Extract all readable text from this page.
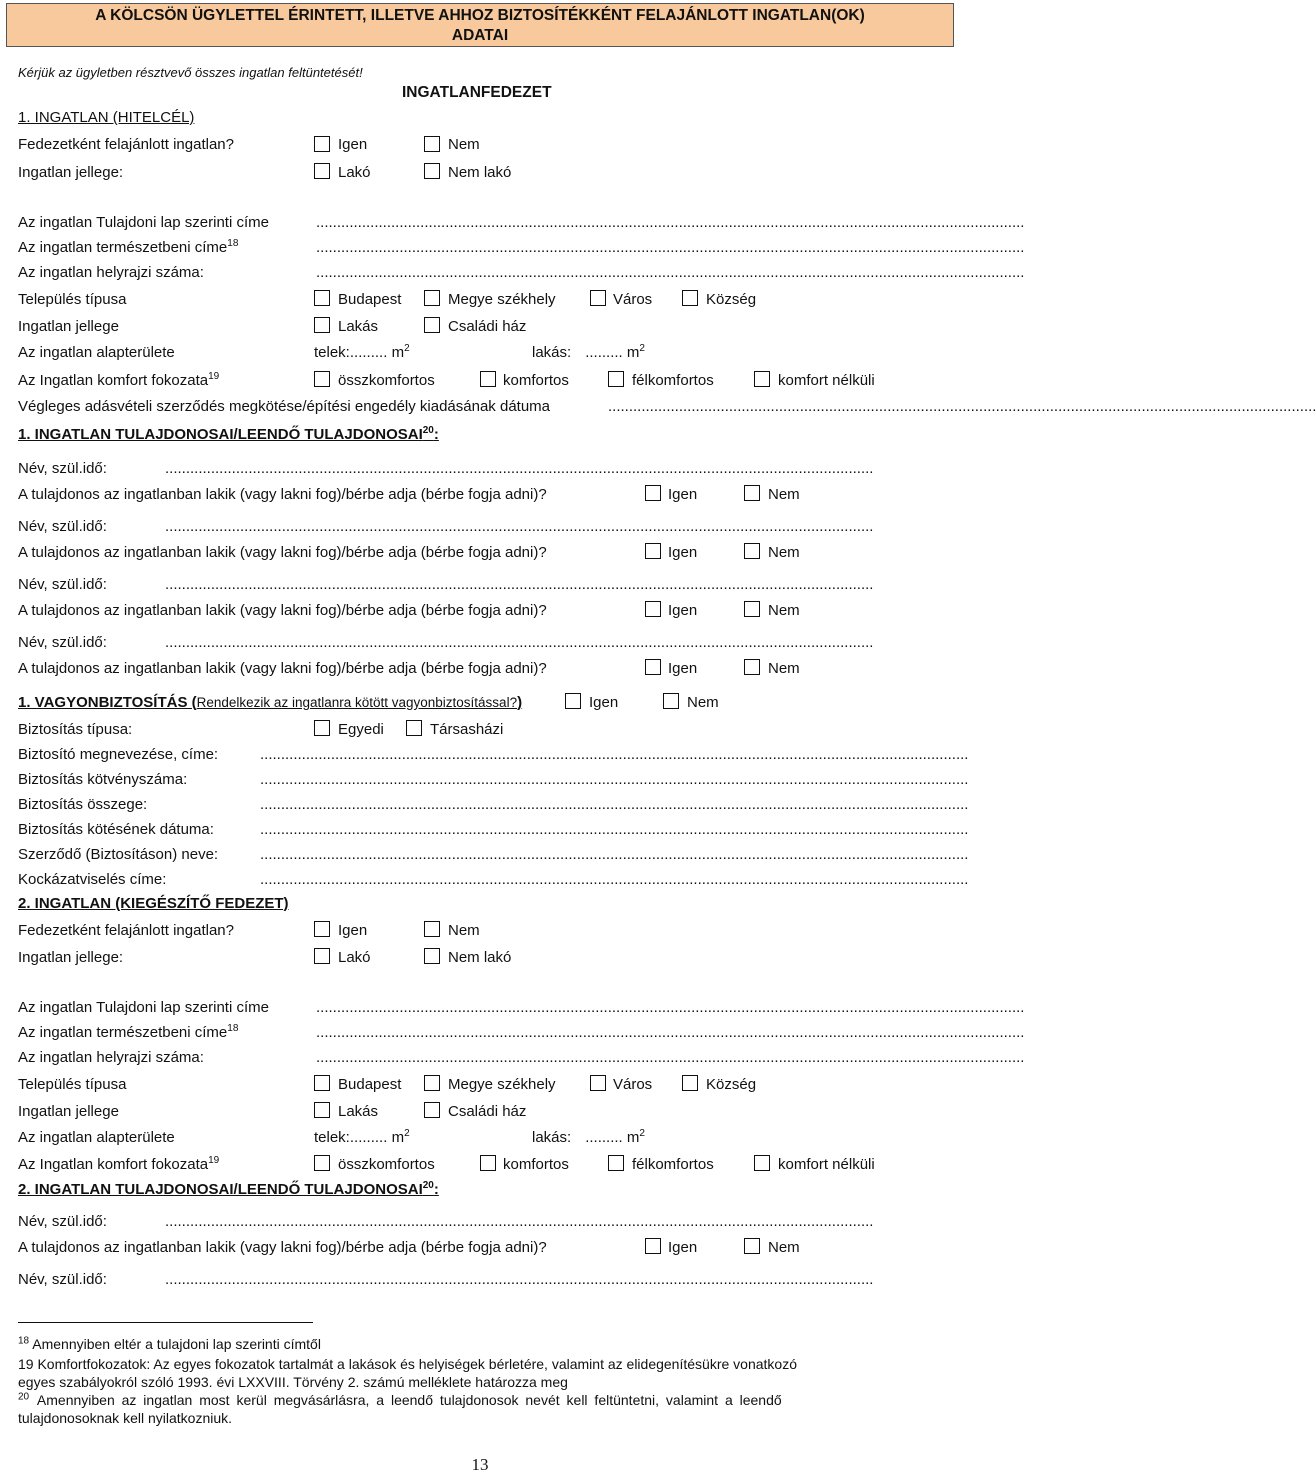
A KÖLCSÖN ÜGYLETTEL ÉRINTETT, ILLETVE AHHOZ BIZTOSÍTÉKKÉNT FELAJÁNLOTT INGATLAN(OK)
ADATAI
Kérjük az ügyletben résztvevő összes ingatlan feltüntetését!
INGATLANFEDEZET
1. INGATLAN (HITELCÉL)
Fedezetként felajánlott ingatlan?	Igen	Nem
Ingatlan jellege:	Lakó	Nem lakó
Az ingatlan Tulajdoni lap szerinti címe	..........................................................................................................................................................................
Az ingatlan természetbeni címe$^{18}$	..........................................................................................................................................................................
Az ingatlan helyrajzi száma:	..........................................................................................................................................................................
Település típusa	Budapest	Megye székhely	Város	Község
Ingatlan jellege	Lakás	Családi ház
Az ingatlan alapterülete	telek:......... $m^2$	lakás: ......... $m^2$
Az Ingatlan komfort fokozata$^{19}$	összkomfortos	komfortos	félkomfortos	komfort nélküli
Végleges adásvételi szerződés megkötése/építési engedély kiadásának dátuma	..........................................................................................................................................................................
1. INGATLAN TULAJDONOSAI/LEENDŐ TULAJDONOSAI$^{20}$:
Név, szül.idő:	..........................................................................................................................................................................
A tulajdonos az ingatlanban lakik (vagy lakni fog)/bérbe adja (bérbe fogja adni)?	Igen	Nem
Név, szül.idő:	..........................................................................................................................................................................
A tulajdonos az ingatlanban lakik (vagy lakni fog)/bérbe adja (bérbe fogja adni)?	Igen	Nem
Név, szül.idő:	..........................................................................................................................................................................
A tulajdonos az ingatlanban lakik (vagy lakni fog)/bérbe adja (bérbe fogja adni)?	Igen	Nem
Név, szül.idő:	..........................................................................................................................................................................
A tulajdonos az ingatlanban lakik (vagy lakni fog)/bérbe adja (bérbe fogja adni)?	Igen	Nem
1. VAGYONBIZTOSÍTÁS (Rendelkezik az ingatlanra kötött vagyonbiztosítással?)	Igen	Nem
Biztosítás típusa:	Egyedi	Társasházi
Biztosító megnevezése, címe:	..........................................................................................................................................................................
Biztosítás kötvényszáma:	..........................................................................................................................................................................
Biztosítás összege:	..........................................................................................................................................................................
Biztosítás kötésének dátuma:	..........................................................................................................................................................................
Szerződő (Biztosításon) neve:	..........................................................................................................................................................................
Kockázatviselés címe:	..........................................................................................................................................................................
2. INGATLAN (KIEGÉSZÍTŐ FEDEZET)
Fedezetként felajánlott ingatlan?	Igen	Nem
Ingatlan jellege:	Lakó	Nem lakó
Az ingatlan Tulajdoni lap szerinti címe	..........................................................................................................................................................................
Az ingatlan természetbeni címe$^{18}$	..........................................................................................................................................................................
Az ingatlan helyrajzi száma:	..........................................................................................................................................................................
Település típusa	Budapest	Megye székhely	Város	Község
Ingatlan jellege	Lakás	Családi ház
Az ingatlan alapterülete	telek:......... $m^2$	lakás: ......... $m^2$
Az Ingatlan komfort fokozata$^{19}$	összkomfortos	komfortos	félkomfortos	komfort nélküli
2. INGATLAN TULAJDONOSAI/LEENDŐ TULAJDONOSAI$^{20}$:
Név, szül.idő:	..........................................................................................................................................................................
A tulajdonos az ingatlanban lakik (vagy lakni fog)/bérbe adja (bérbe fogja adni)?	Igen	Nem
Név, szül.idő:	..........................................................................................................................................................................
$^{18}$ Amennyiben eltér a tulajdoni lap szerinti címtől
19 Komfortfokozatok: Az egyes fokozatok tartalmát a lakások és helyiségek bérletére, valamint az elidegenítésükre vonatkozó
egyes szabályokról szóló 1993. évi LXXVIII. Törvény 2. számú melléklete határozza meg
$^{20}$ Amennyiben az ingatlan most kerül megvásárlásra, a leendő tulajdonosok nevét kell feltüntetni, valamint a leendő
tulajdonosoknak kell nyilatkozniuk.
13
